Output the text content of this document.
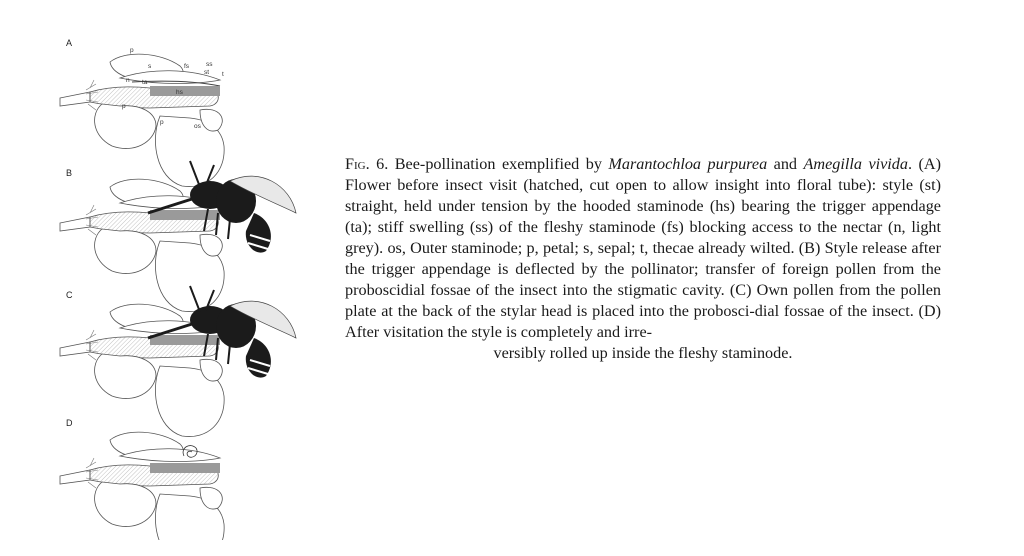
A
p
s	fs	ss
st t
n ta
hs
p
p
os
B
C
D
Fig. 6. Bee-pollination exemplified by Marantochloa purpurea and Amegilla vivida. (A) Flower before insect visit (hatched, cut open to allow insight into floral tube): style (st) straight, held under tension by the hooded staminode (hs) bearing the trigger appendage (ta); stiff swelling (ss) of the fleshy staminode (fs) blocking access to the nectar (n, light grey). os, Outer staminode; p, petal; s, sepal; t, thecae already wilted. (B) Style release after the trigger appendage is deflected by the pollinator; transfer of foreign pollen from the proboscidial fossae of the insect into the stigmatic cavity. (C) Own pollen from the pollen plate at the back of the stylar head is placed into the probosci-dial fossae of the insect. (D) After visitation the style is completely and irre-
versibly rolled up inside the fleshy staminode.
